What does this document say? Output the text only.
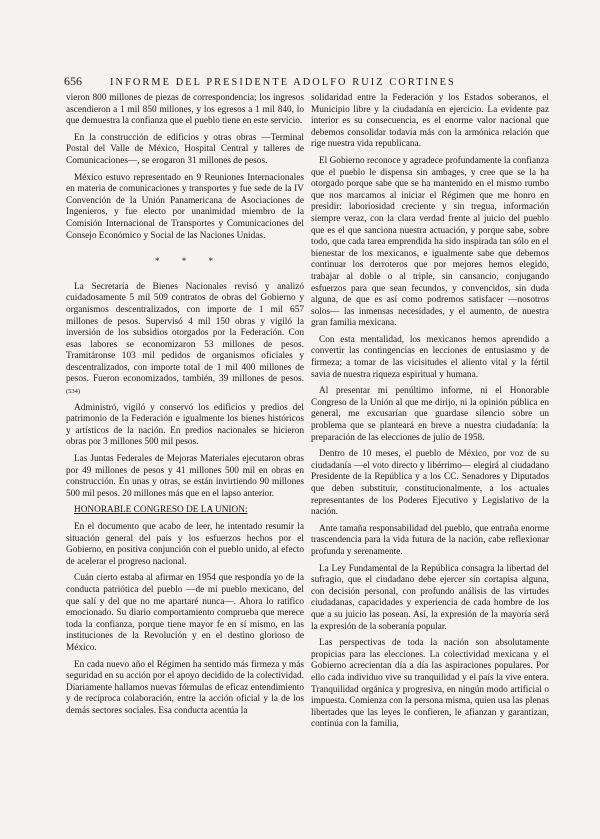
656	INFORME DEL PRESIDENTE ADOLFO RUIZ CORTINES

vieron 800 millones de piezas de correspondencia; los ingresos ascendieron a 1 mil 850 millones, y los egresos a 1 mil 840, lo que demuestra la confianza que el pueblo tiene en este servicio.

En la construcción de edificios y otras obras —Terminal Postal del Valle de México, Hospital Central y talleres de Comunicaciones—, se erogaron 31 millones de pesos.

México estuvo representado en 9 Reuniones Internacionales en materia de comunicaciones y transportes y fue sede de la IV Convención de la Unión Panamericana de Asociaciones de Ingenieros, y fue electo por unanimidad miembro de la Comisión Internacional de Transportes y Comunicaciones del Consejo Económico y Social de las Naciones Unidas.

* * *

La Secretaría de Bienes Nacionales revisó y analizó cuidadosamente 5 mil 509 contratos de obras del Gobierno y organismos descentralizados, con importe de 1 mil 657 millones de pesos. Supervisó 4 mil 150 obras y vigiló la inversión de los subsidios otorgados por la Federación. Con esas labores se economizaron 53 millones de pesos. Tramitáronse 103 mil pedidos de organismos oficiales y descentralizados, con importe total de 1 mil 400 millones de pesos. Fueron economizados, también, 39 millones de pesos.(534)

Administró, vigiló y conservó los edificios y predios del patrimonio de la Federación e igualmente los bienes históricos y artísticos de la nación. En predios nacionales se hicieron obras por 3 millones 500 mil pesos.

Las Juntas Federales de Mejoras Materiales ejecutaron obras por 49 millones de pesos y 41 millones 500 mil en obras en construcción. En unas y otras, se están invirtiendo 90 millones 500 mil pesos. 20 millones más que en el lapso anterior.

HONORABLE CONGRESO DE LA UNION:

En el documento que acabo de leer, he intentado resumir la situación general del país y los esfuerzos hechos por el Gobierno, en positiva conjunción con el pueblo unido, al efecto de acelerar el progreso nacional.

Cuán cierto estaba al afirmar en 1954 que respondía yo de la conducta patriótica del pueblo —de mi pueblo mexicano, del que salí y del que no me apartaré nunca—. Ahora lo ratifico emocionado. Su diario comportamiento comprueba que merece toda la confianza, porque tiene mayor fe en sí mismo, en las instituciones de la Revolución y en el destino glorioso de México.

En cada nuevo año el Régimen ha sentido más firmeza y más seguridad en su acción por el apoyo decidido de la colectividad. Diariamente hallamos nuevas fórmulas de eficaz entendimiento y de recíproca colaboración, entre la acción oficial y la de los demás sectores sociales. Esa conducta acentúa la

solidaridad entre la Federación y los Estados soberanos, el Municipio libre y la ciudadanía en ejercicio. La evidente paz interior es su consecuencia, es el enorme valor nacional que debemos consolidar todavía más con la armónica relación que rige nuestra vida republicana.

El Gobierno reconoce y agradece profundamente la confianza que el pueblo le dispensa sin ambages, y cree que se la ha otorgado porque sabe que se ha mantenido en el mismo rumbo que nos marcamos al iniciar el Régimen que me honro en presidir: laboriosidad creciente y sin tregua, información siempre veraz, con la clara verdad frente al juicio del pueblo que es el que sanciona nuestra actuación, y porque sabe, sobre todo, que cada tarea emprendida ha sido inspirada tan sólo en el bienestar de los mexicanos, e igualmente sabe que debemos continuar los derroteros que por mejores hemos elegido, trabajar al doble o al triple, sin cansancio, conjugando esfuerzos para que sean fecundos, y convencidos, sin duda alguna, de que es así como podremos satisfacer —nosotros solos— las inmensas necesidades, y el aumento, de nuestra gran familia mexicana.

Con esta mentalidad, los mexicanos hemos aprendido a convertir las contingencias en lecciones de entusiasmo y de firmeza; a tomar de las vicisitudes el aliento vital y la fértil savia de nuestra riqueza espiritual y humana.

Al presentar mi penúltimo informe, ni el Honorable Congreso de la Unión al que me dirijo, ni la opinión pública en general, me excusarían que guardase silencio sobre un problema que se planteará en breve a nuestra ciudadanía: la preparación de las elecciones de julio de 1958.

Dentro de 10 meses, el pueblo de México, por voz de su ciudadanía —el voto directo y libérrimo— elegirá al ciudadano Presidente de la República y a los CC. Senadores y Diputados que deben substituir, constitucionalmente, a los actuales representantes de los Poderes Ejecutivo y Legislativo de la nación.

Ante tamaña responsabilidad del pueblo, que entraña enorme trascendencia para la vida futura de la nación, cabe reflexionar profunda y serenamente.

La Ley Fundamental de la República consagra la libertad del sufragio, que el ciudadano debe ejercer sin cortapisa alguna, con decisión personal, con profundo análisis de las virtudes ciudadanas, capacidades y experiencia de cada hombre de los que a su juicio las posean. Así, la expresión de la mayoría será la expresión de la soberanía popular.

Las perspectivas de toda la nación son absolutamente propicias para las elecciones. La colectividad mexicana y el Gobierno acrecientan día a día las aspiraciones populares. Por ello cada individuo vive su tranquilidad y el país la vive entera. Tranquilidad orgánica y progresiva, en ningún modo artificial o impuesta. Comienza con la persona misma, quien usa las plenas libertades que las leyes le confieren, le afianzan y garantizan, continúa con la familia,
